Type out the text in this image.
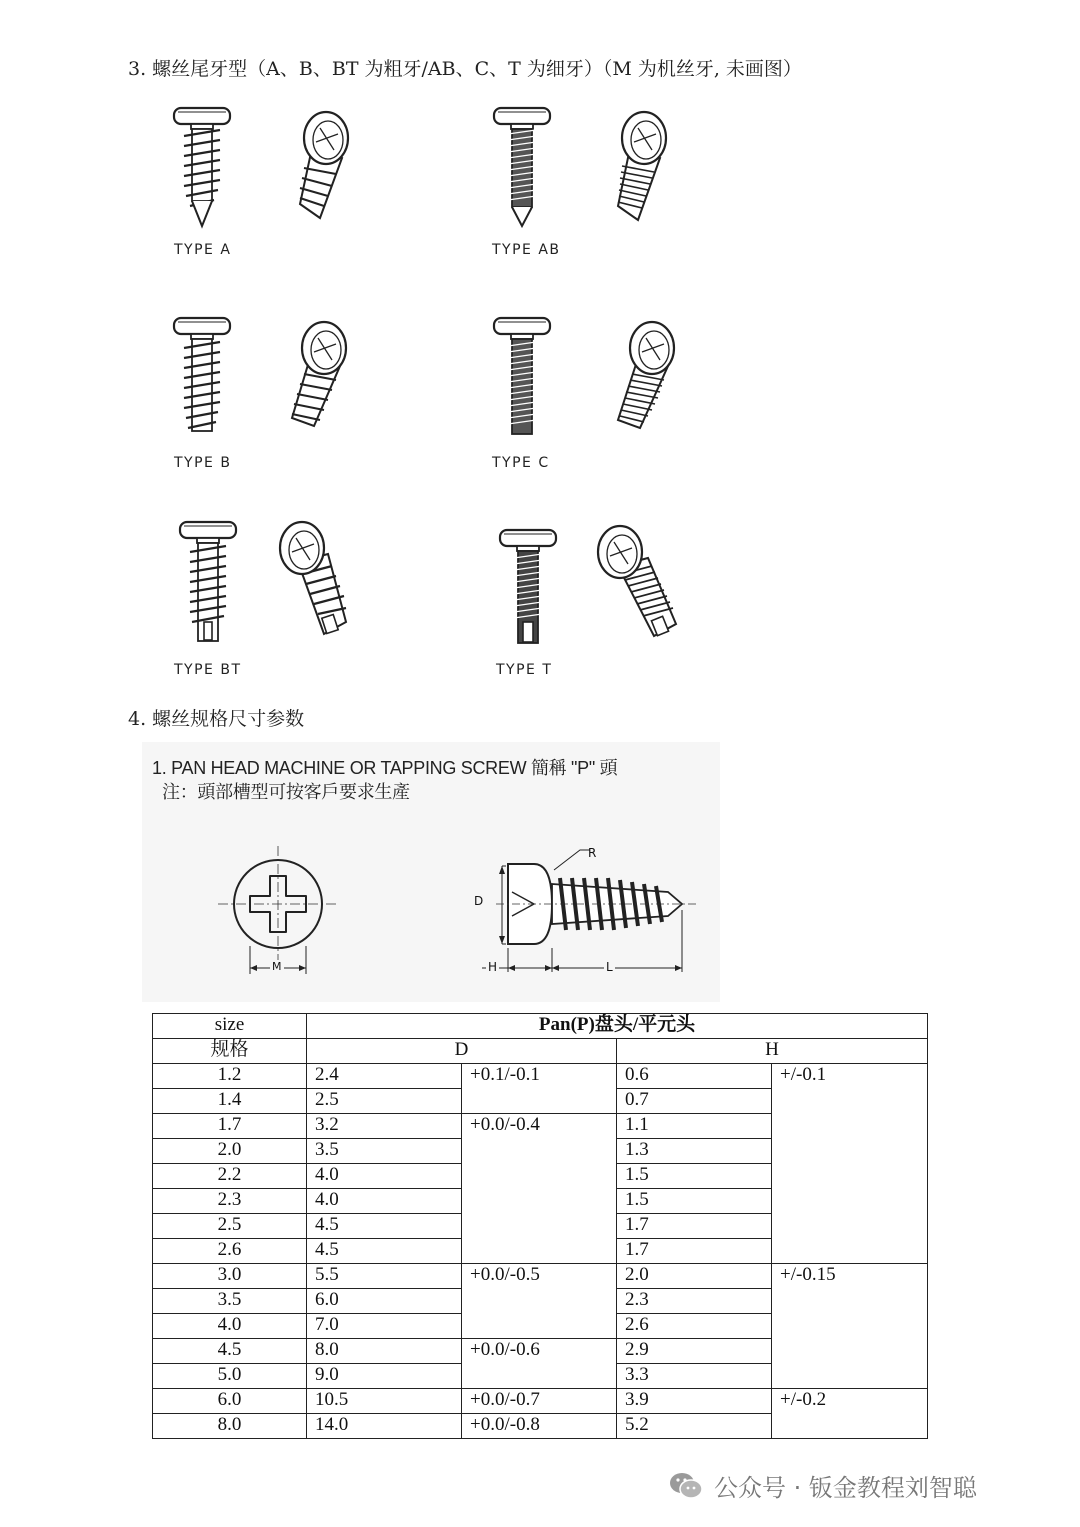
3. 螺丝尾牙型（A、B、BT 为粗牙/AB、C、T 为细牙）（M 为机丝牙, 未画图）
TYPE A	TYPE AB
TYPE B	TYPE C
TYPE BT	TYPE T
4. 螺丝规格尺寸参数
1. PAN HEAD MACHINE OR TAPPING SCREW 簡稱 "P" 頭
注：頭部槽型可按客戶要求生產
M
R
D
H	L
size	Pan(P)盘头/平元头			
规格	D		H	
1.2	2.4	+0.1/-0.1	0.6	+/-0.1
1.4	2.5		0.7	
1.7	3.2	+0.0/-0.4	1.1	
2.0	3.5		1.3	
2.2	4.0		1.5	
2.3	4.0		1.5	
2.5	4.5		1.7	
2.6	4.5		1.7	
3.0	5.5	+0.0/-0.5	2.0	+/-0.15
3.5	6.0		2.3	
4.0	7.0		2.6	
4.5	8.0	+0.0/-0.6	2.9	
5.0	9.0		3.3	
6.0	10.5	+0.0/-0.7	3.9	+/-0.2
8.0	14.0	+0.0/-0.8	5.2	
公众号 · 钣金教程刘智聪
